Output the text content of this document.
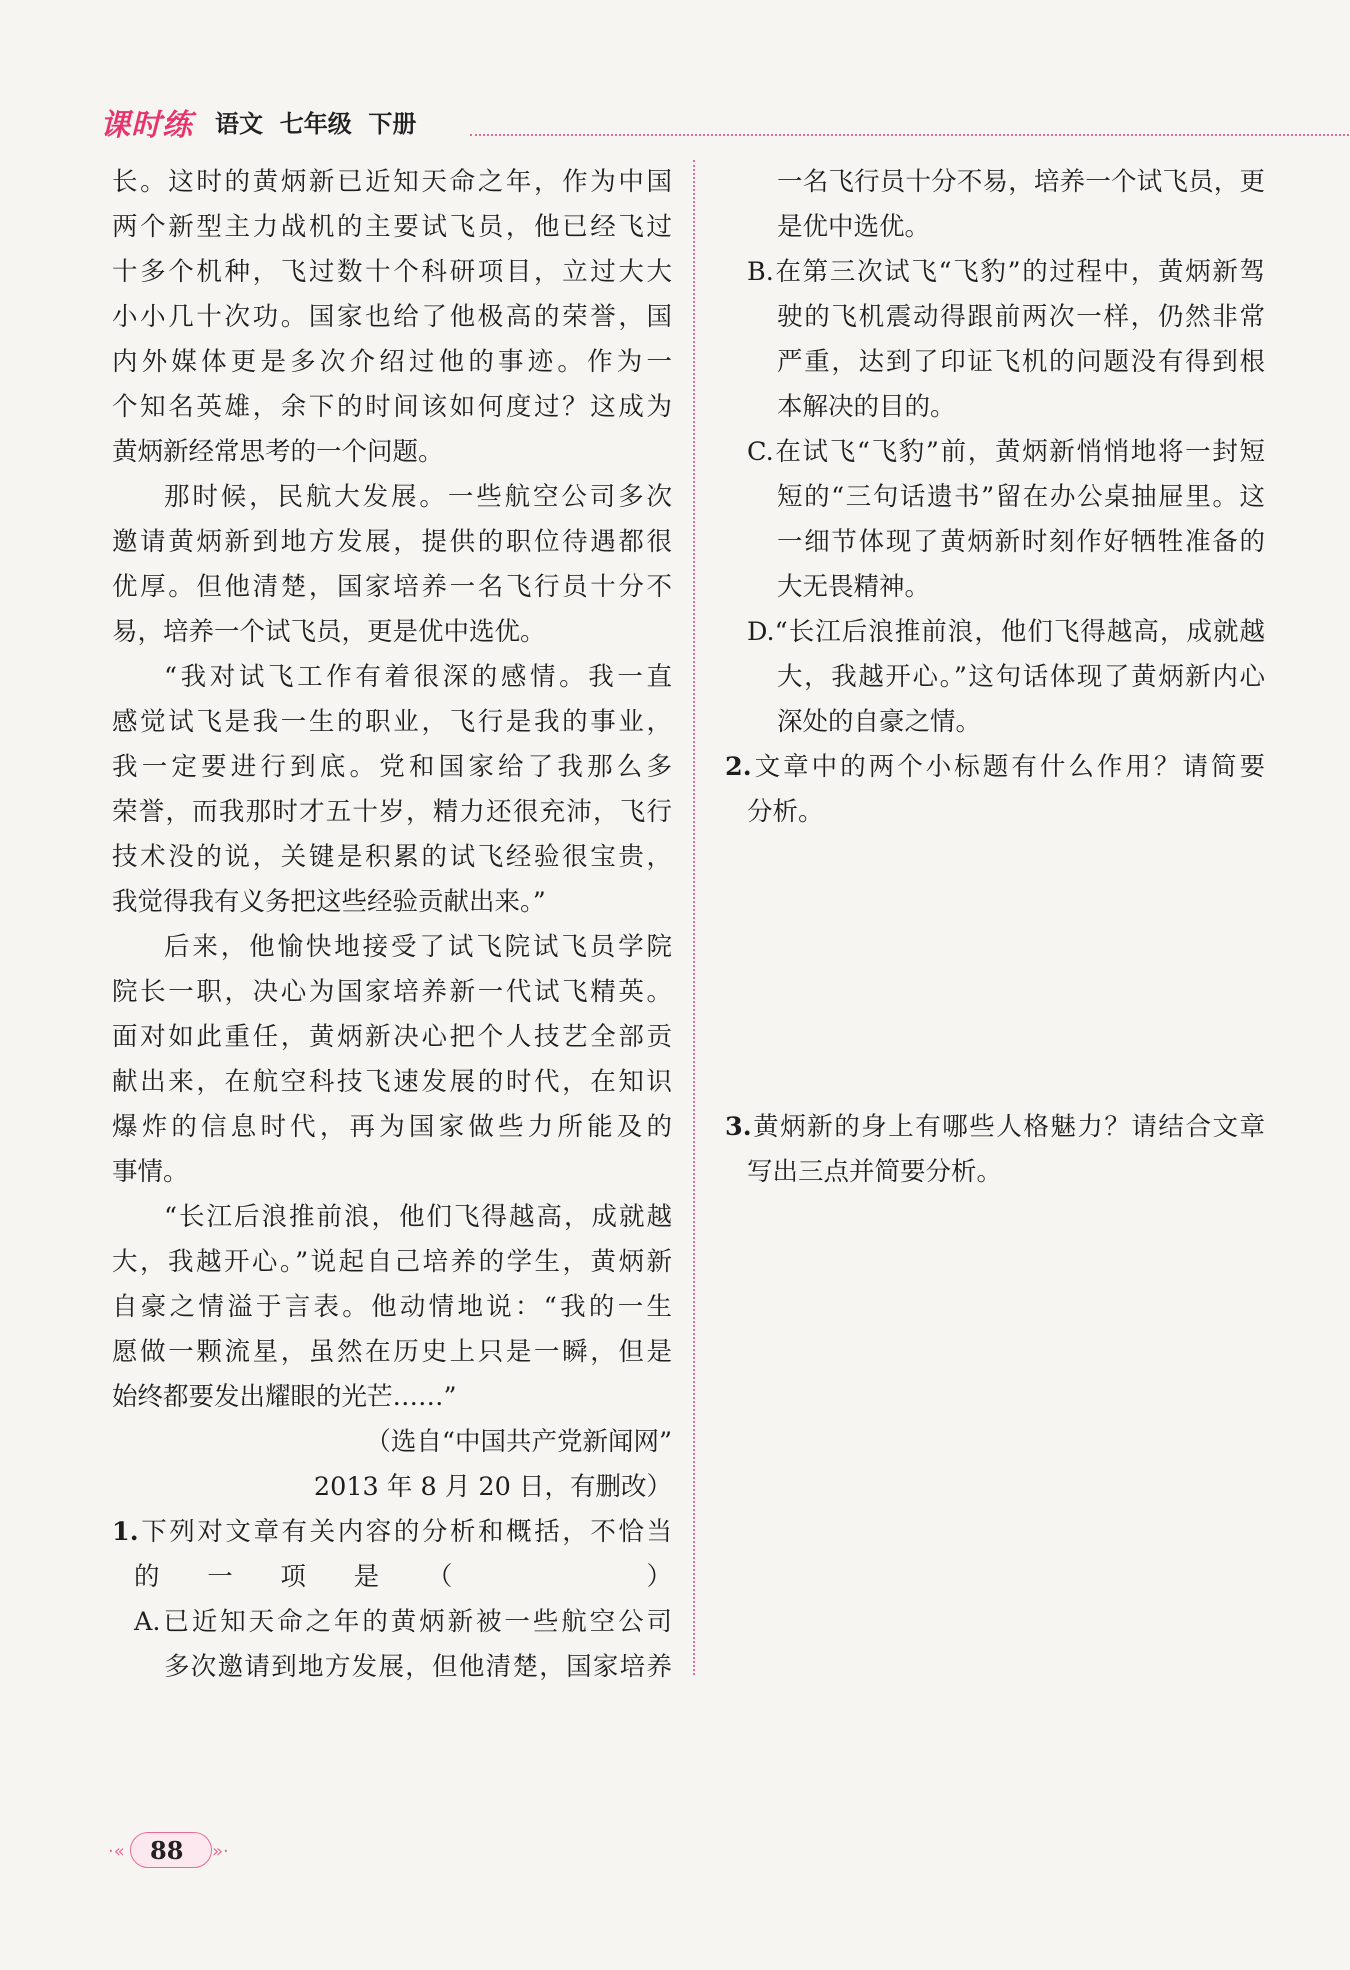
课时练 语文  七年级  下册
长。这时的黄炳新已近知天命之年，作为中国
两个新型主力战机的主要试飞员，他已经飞过
十多个机种，飞过数十个科研项目，立过大大
小小几十次功。国家也给了他极高的荣誉，国
内外媒体更是多次介绍过他的事迹。作为一
个知名英雄，余下的时间该如何度过？这成为
黄炳新经常思考的一个问题。
那时候，民航大发展。一些航空公司多次
邀请黄炳新到地方发展，提供的职位待遇都很
优厚。但他清楚，国家培养一名飞行员十分不
易，培养一个试飞员，更是优中选优。
“我对试飞工作有着很深的感情。我一直
感觉试飞是我一生的职业，飞行是我的事业，
我一定要进行到底。党和国家给了我那么多
荣誉，而我那时才五十岁，精力还很充沛，飞行
技术没的说，关键是积累的试飞经验很宝贵，
我觉得我有义务把这些经验贡献出来。”
后来，他愉快地接受了试飞院试飞员学院
院长一职，决心为国家培养新一代试飞精英。
面对如此重任，黄炳新决心把个人技艺全部贡
献出来，在航空科技飞速发展的时代，在知识
爆炸的信息时代，再为国家做些力所能及的
事情。
“长江后浪推前浪，他们飞得越高，成就越
大，我越开心。”说起自己培养的学生，黄炳新
自豪之情溢于言表。他动情地说：“我的一生
愿做一颗流星，虽然在历史上只是一瞬，但是
始终都要发出耀眼的光芒……”
（选自“中国共产党新闻网”
2013 年 8 月 20 日，有删改）
1.下列对文章有关内容的分析和概括，不恰当
的一项是（　　）
A.已近知天命之年的黄炳新被一些航空公司
多次邀请到地方发展，但他清楚，国家培养
一名飞行员十分不易，培养一个试飞员，更
是优中选优。
B.在第三次试飞“飞豹”的过程中，黄炳新驾
驶的飞机震动得跟前两次一样，仍然非常
严重，达到了印证飞机的问题没有得到根
本解决的目的。
C.在试飞“飞豹”前，黄炳新悄悄地将一封短
短的“三句话遗书”留在办公桌抽屉里。这
一细节体现了黄炳新时刻作好牺牲准备的
大无畏精神。
D.“长江后浪推前浪，他们飞得越高，成就越
大，我越开心。”这句话体现了黄炳新内心
深处的自豪之情。
2.文章中的两个小标题有什么作用？请简要
分析。
3.黄炳新的身上有哪些人格魅力？请结合文章
写出三点并简要分析。
·« 88 »·
